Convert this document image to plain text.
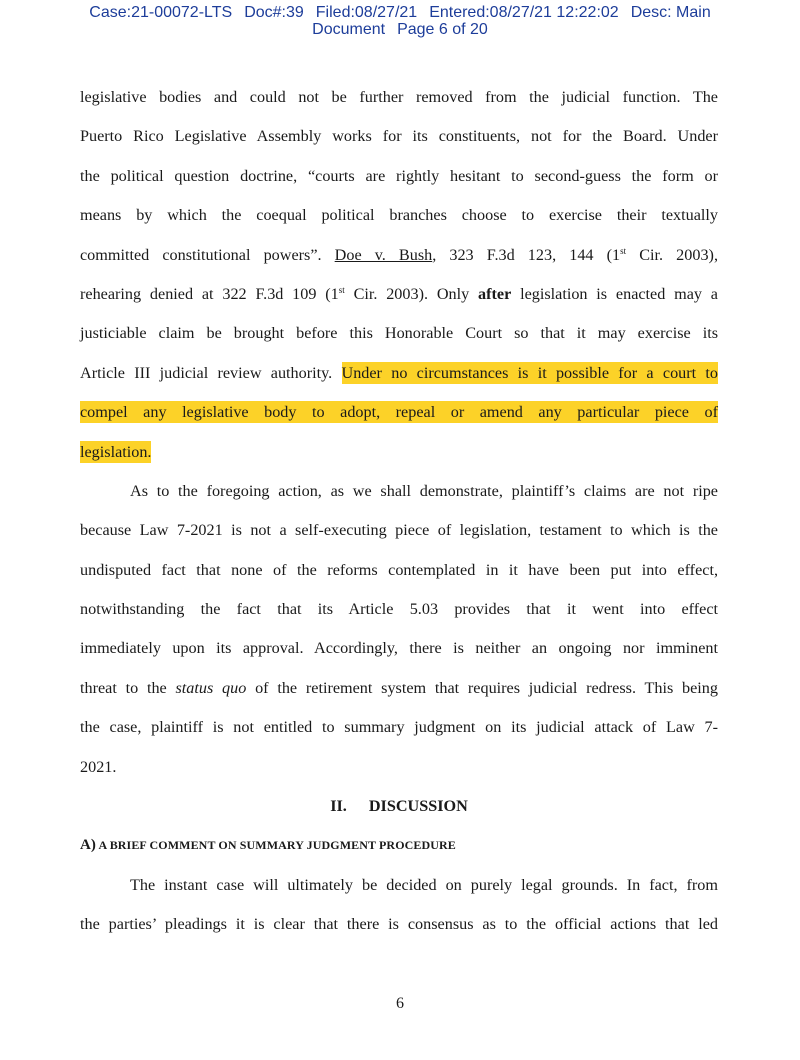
Case:21-00072-LTS Doc#:39 Filed:08/27/21 Entered:08/27/21 12:22:02 Desc: Main
Document Page 6 of 20
legislative bodies and could not be further removed from the judicial function. The
Puerto Rico Legislative Assembly works for its constituents, not for the Board. Under
the political question doctrine, “courts are rightly hesitant to second-guess the form or
means by which the coequal political branches choose to exercise their textually
committed constitutional powers”. Doe v. Bush, 323 F.3d 123, 144 (1st Cir. 2003),
rehearing denied at 322 F.3d 109 (1st Cir. 2003). Only after legislation is enacted may a
justiciable claim be brought before this Honorable Court so that it may exercise its
Article III judicial review authority. Under no circumstances is it possible for a court to
compel any legislative body to adopt, repeal or amend any particular piece of
legislation.
As to the foregoing action, as we shall demonstrate, plaintiff’s claims are not ripe
because Law 7-2021 is not a self-executing piece of legislation, testament to which is the
undisputed fact that none of the reforms contemplated in it have been put into effect,
notwithstanding the fact that its Article 5.03 provides that it went into effect
immediately upon its approval. Accordingly, there is neither an ongoing nor imminent
threat to the status quo of the retirement system that requires judicial redress. This being
the case, plaintiff is not entitled to summary judgment on its judicial attack of Law 7-
2021.
II. DISCUSSION
A) A BRIEF COMMENT ON SUMMARY JUDGMENT PROCEDURE
The instant case will ultimately be decided on purely legal grounds. In fact, from
the parties’ pleadings it is clear that there is consensus as to the official actions that led
6
